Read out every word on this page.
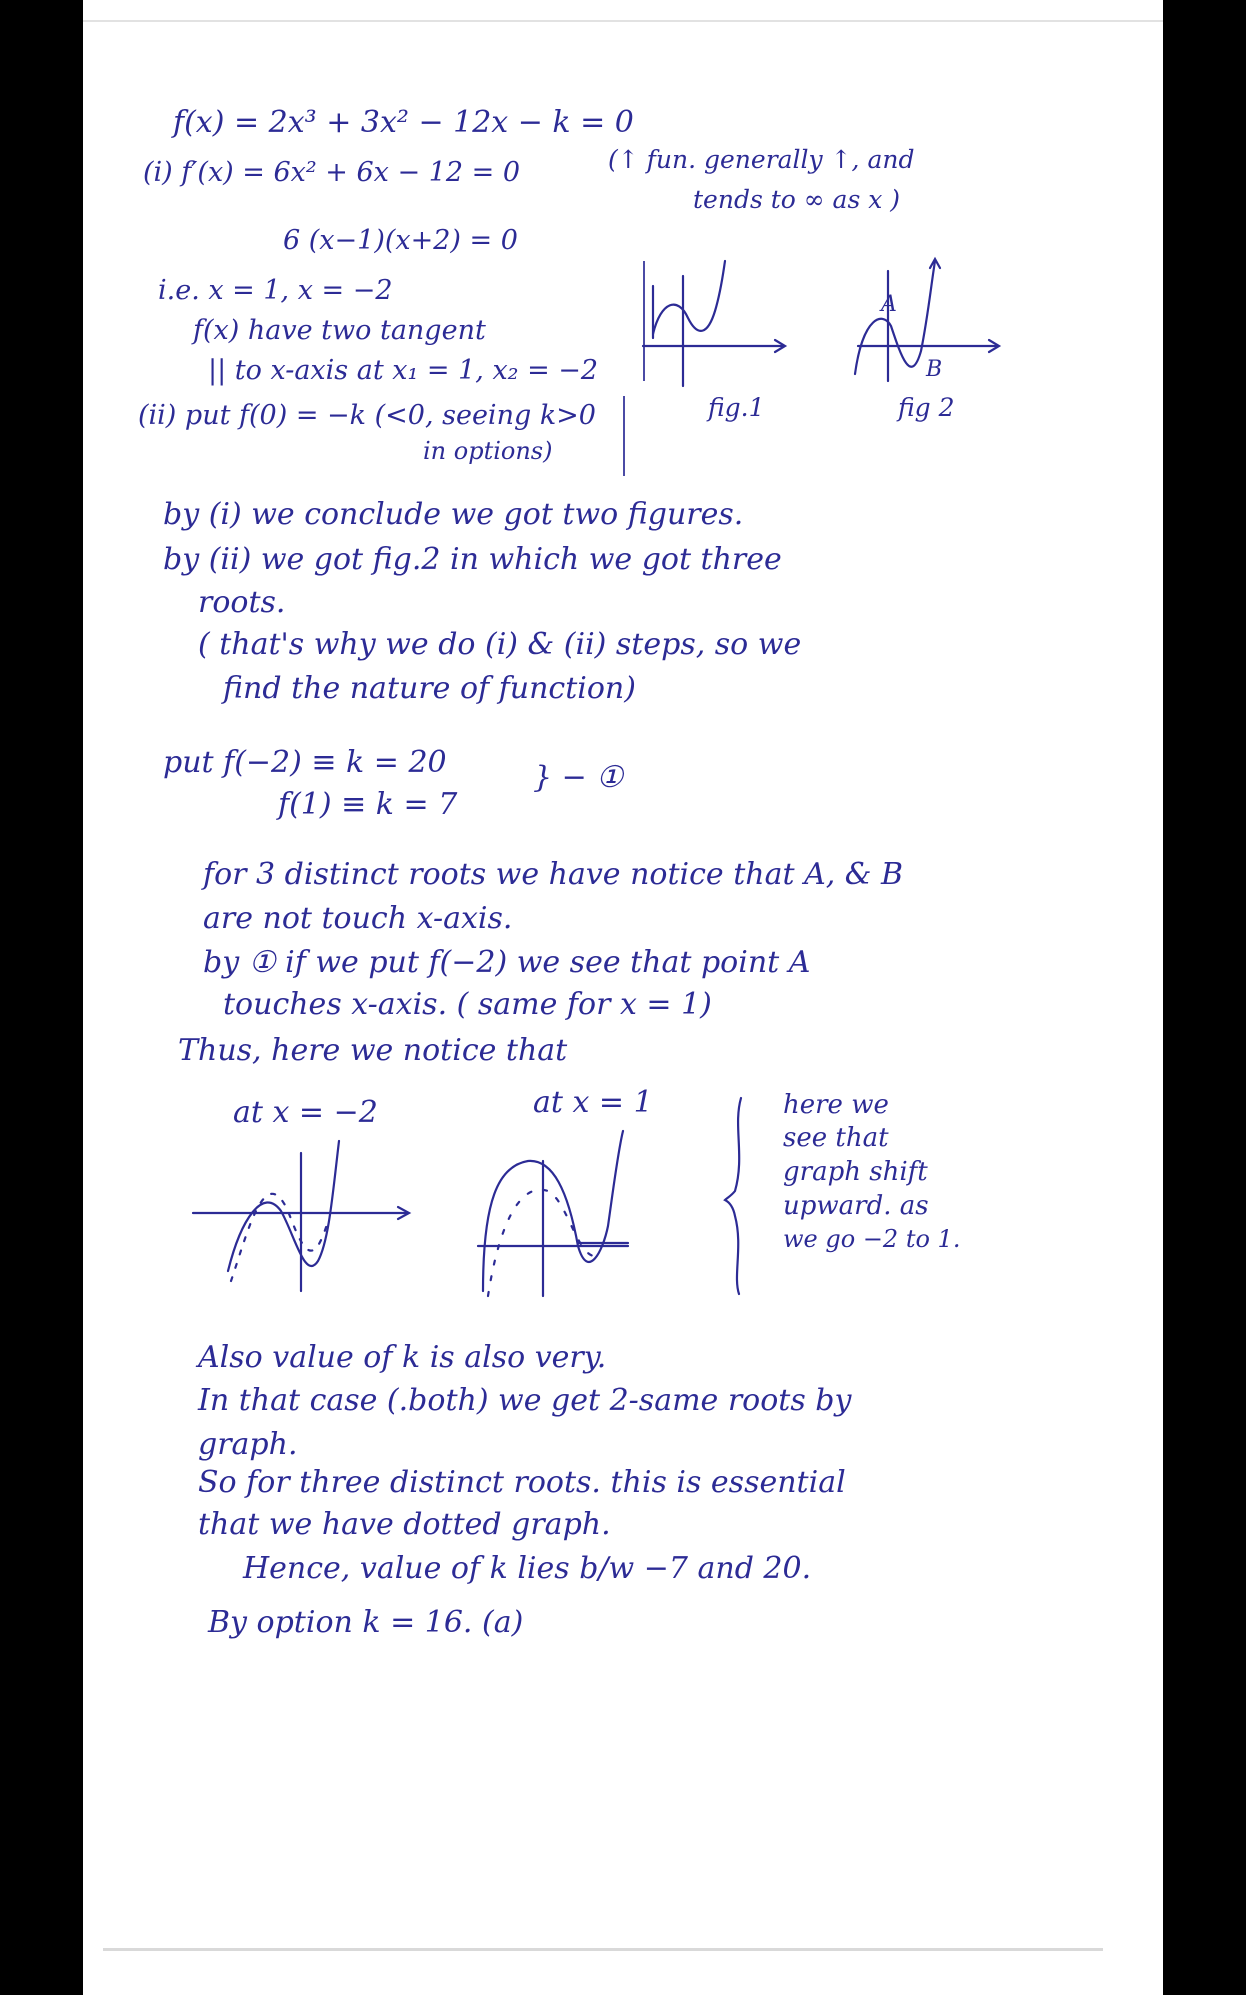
f(x) = 2x³ + 3x² − 12x − k = 0
(i) f′(x) = 6x² + 6x − 12 = 0	(↑ fun. generally ↑, and
tends to ∞ as x )
6 (x−1)(x+2) = 0
i.e. x = 1, x = −2
f(x) have two tangent
|| to x-axis at x₁ = 1, x₂ = −2
(ii) put f(0) = −k (<0, seeing k>0
in options)
A
B
fig.1	fig 2
by (i) we conclude we got two figures.
by (ii) we got fig.2 in which we got three
roots.
( that's why we do (i) & (ii) steps, so we
find the nature of function)
put f(−2) ≡ k = 20
f(1) ≡ k = 7
} − ①
for 3 distinct roots we have notice that A, & B
are not touch x-axis.
by ① if we put f(−2) we see that point A
touches x-axis. ( same for x = 1)
Thus, here we notice that
at x = −2	at x = 1	here we
see that
graph shift
upward. as
we go −2 to 1.
Also value of k is also very.
In that case (.both) we get 2-same roots by
graph.
So for three distinct roots. this is essential
that we have dotted graph.
Hence, value of k lies b/w −7 and 20.
By option k = 16. (a)
